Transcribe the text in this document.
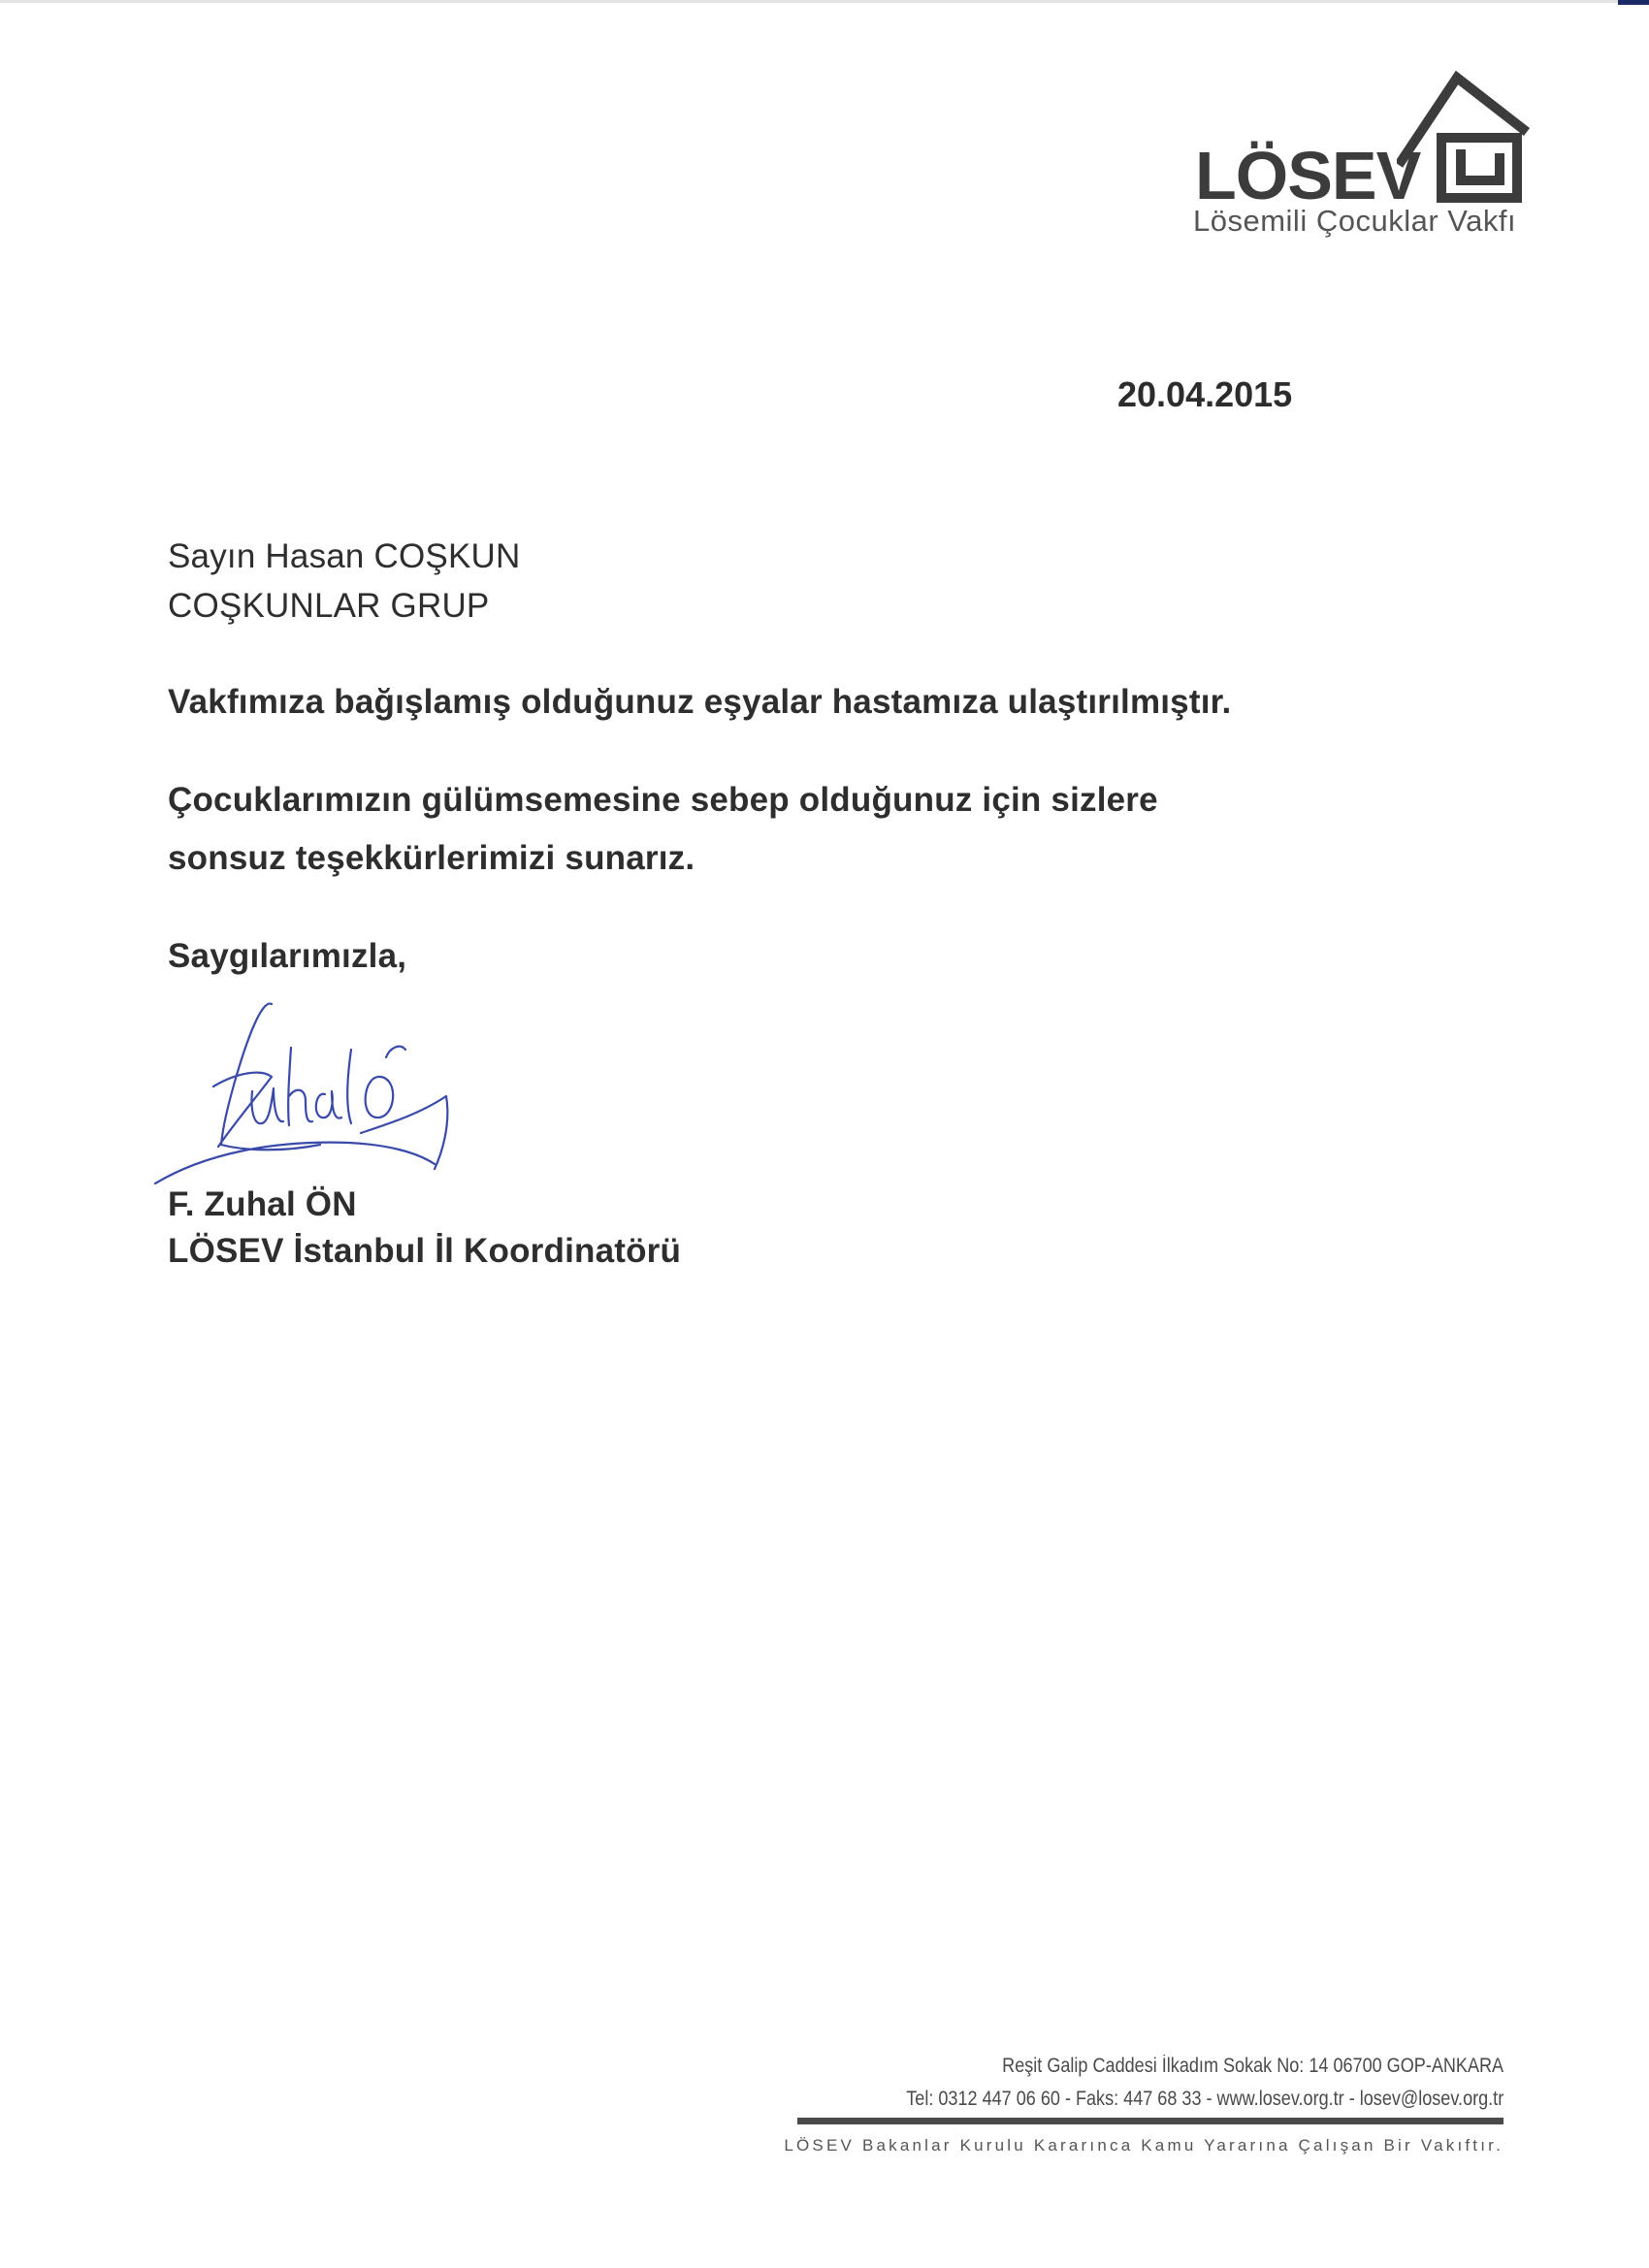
LÖSEV
Lösemili Çocuklar Vakfı
20.04.2015
Sayın Hasan COŞKUN
COŞKUNLAR GRUP
Vakfımıza bağışlamış olduğunuz eşyalar hastamıza ulaştırılmıştır.
Çocuklarımızın gülümsemesine sebep olduğunuz için sizlere
sonsuz teşekkürlerimizi sunarız.
Saygılarımızla,
F. Zuhal ÖN
LÖSEV İstanbul İl Koordinatörü
Reşit Galip Caddesi İlkadım Sokak No: 14 06700 GOP-ANKARA
Tel: 0312 447 06 60 - Faks: 447 68 33 - www.losev.org.tr - losev@losev.org.tr
LÖSEV Bakanlar Kurulu Kararınca Kamu Yararına Çalışan Bir Vakıftır.
